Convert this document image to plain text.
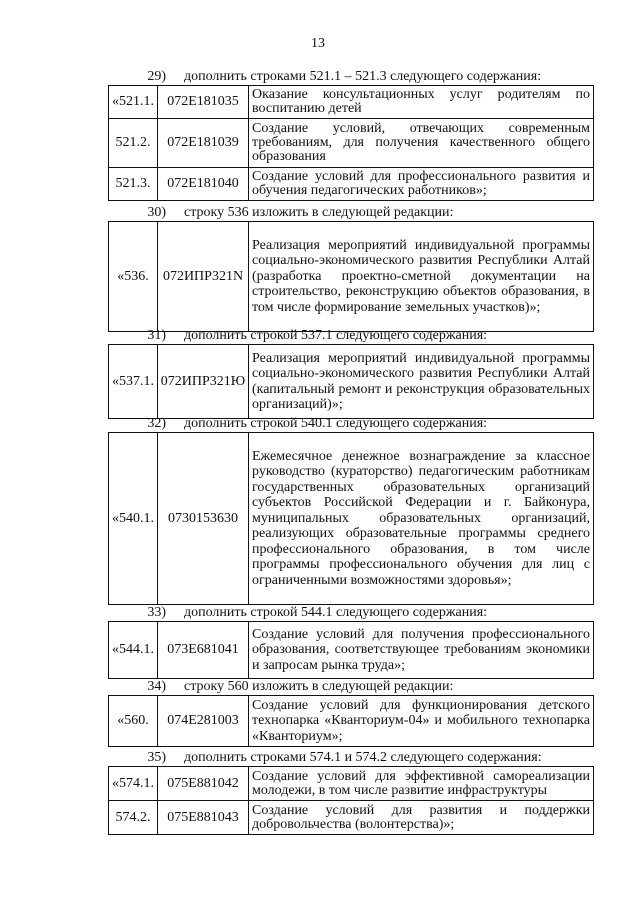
13
29) дополнить строками 521.1 – 521.3 следующего содержания:
«521.1.	072E181035	Оказание консультационных услуг родителям по воспитанию детей
521.2.	072E181039	Создание условий, отвечающих современным требованиям, для получения качественного общего образования
521.3.	072E181040	Создание условий для профессионального развития и обучения педагогических работников»;
30) строку 536 изложить в следующей редакции:
«536.	072ИПР321N	Реализация мероприятий индивидуальной программы социально-экономического развития Республики Алтай (разработка проектно-сметной документации на строительство, реконструкцию объектов образования, в том числе формирование земельных участков)»;
31) дополнить строкой 537.1 следующего содержания:
«537.1.	072ИПР321Ю	Реализация мероприятий индивидуальной программы социально-экономического развития Республики Алтай (капитальный ремонт и реконструкция образовательных организаций)»;
32) дополнить строкой 540.1 следующего содержания:
«540.1.	0730153630	Ежемесячное денежное вознаграждение за классное руководство (кураторство) педагогическим работникам государственных образовательных организаций субъектов Российской Федерации и г. Байконура, муниципальных образовательных организаций, реализующих образовательные программы среднего профессионального образования, в том числе программы профессионального обучения для лиц с ограниченными возможностями здоровья»;
33) дополнить строкой 544.1 следующего содержания:
«544.1.	073E681041	Создание условий для получения профессионального образования, соответствующее требованиям экономики и запросам рынка труда»;
34) строку 560 изложить в следующей редакции:
«560.	074E281003	Создание условий для функционирования детского технопарка «Кванториум-04» и мобильного технопарка «Кванториум»;
35) дополнить строками 574.1 и 574.2 следующего содержания:
«574.1.	075E881042	Создание условий для эффективной самореализации молодежи, в том числе развитие инфраструктуры
574.2.	075E881043	Создание условий для развития и поддержки добровольчества (волонтерства)»;
